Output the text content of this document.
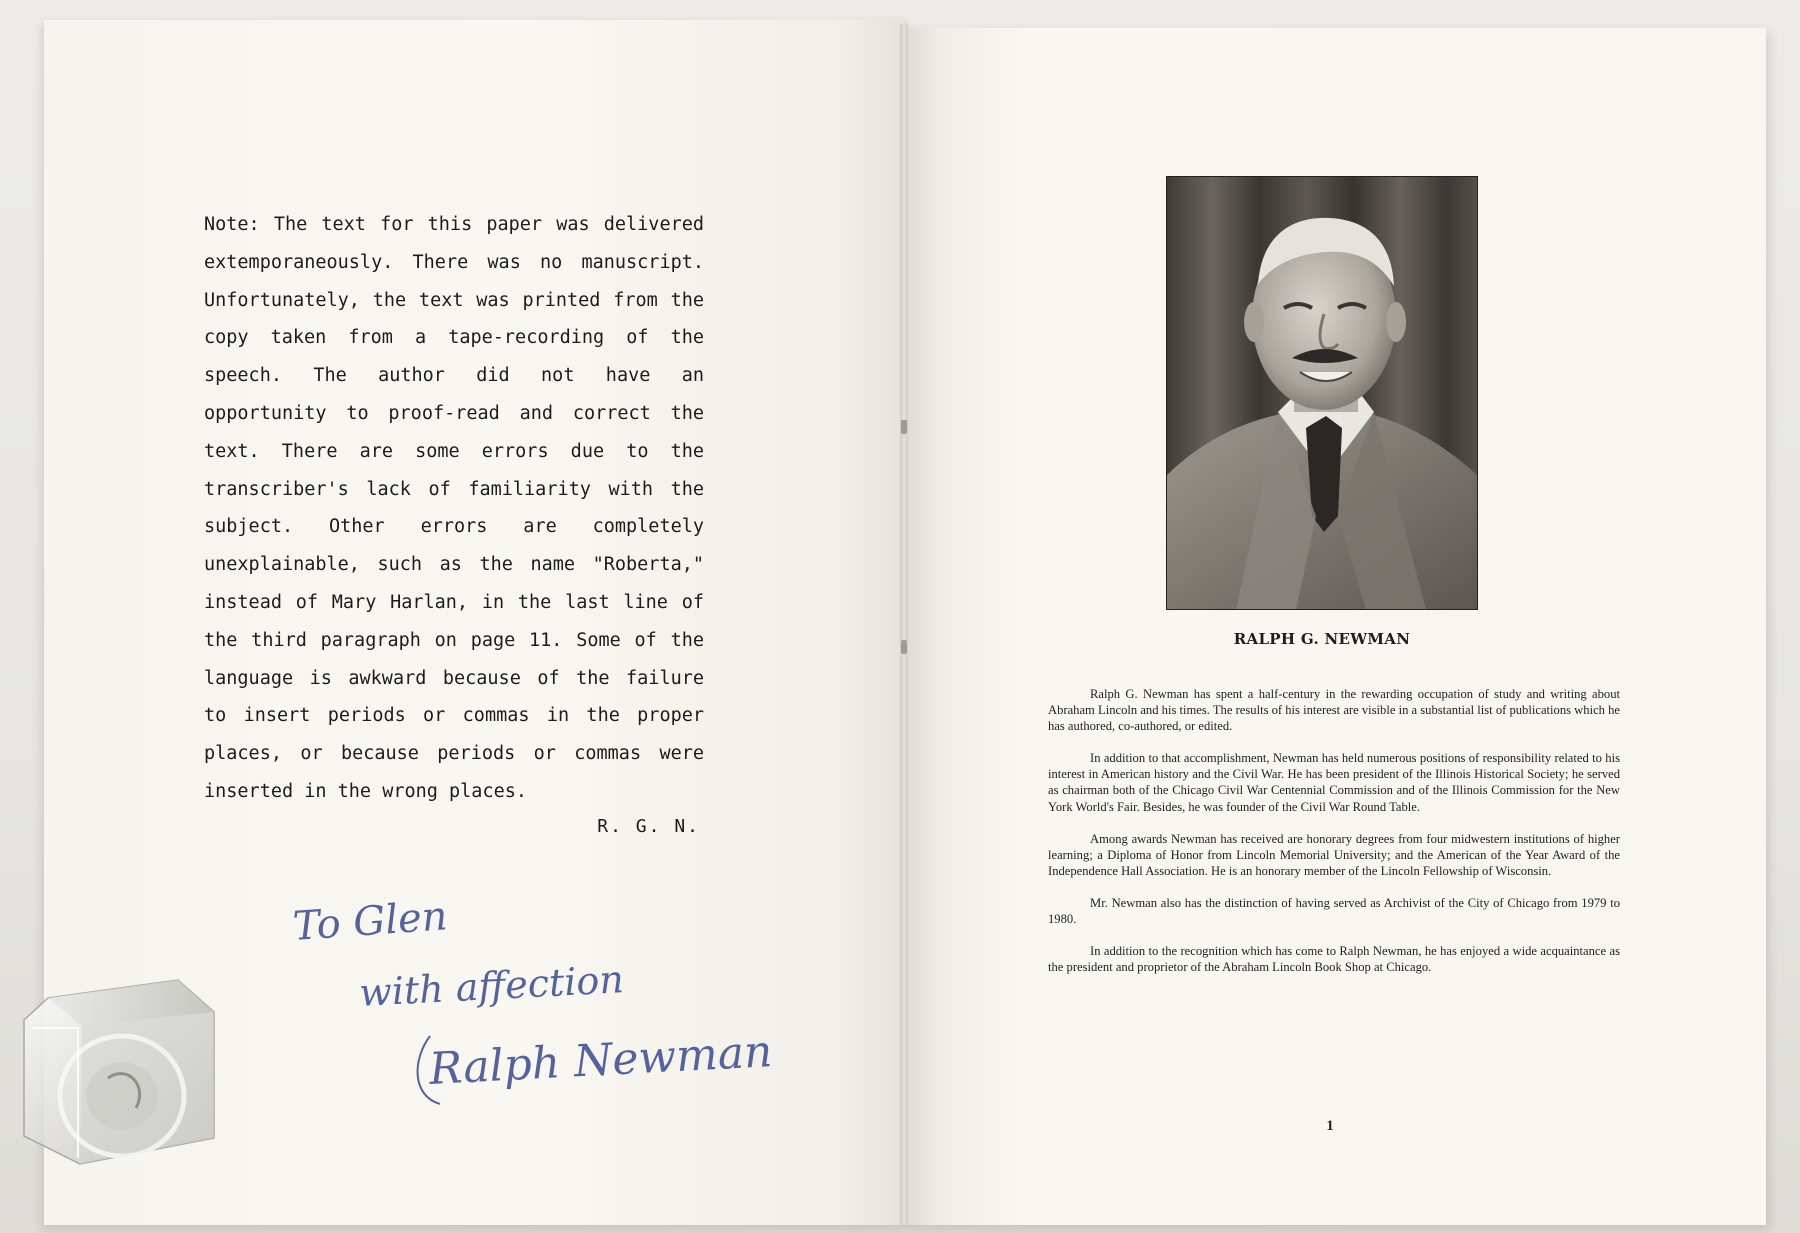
Note: The text for this paper was delivered extemporaneously. There was no manuscript. Unfortunately, the text was printed from the copy taken from a tape-recording of the speech. The author did not have an opportunity to proof-read and correct the text. There are some errors due to the transcriber's lack of familiarity with the subject. Other errors are completely unexplainable, such as the name "Roberta," instead of Mary Harlan, in the last line of the third paragraph on page 11. Some of the language is awkward because of the failure to insert periods or commas in the proper places, or because periods or commas were inserted in the wrong places.
R. G. N.
To Glen
with affection
Ralph Newman
RALPH G. NEWMAN

Ralph G. Newman has spent a half-century in the rewarding occupation of study and writing about Abraham Lincoln and his times. The results of his interest are visible in a substantial list of publications which he has authored, co-authored, or edited.

In addition to that accomplishment, Newman has held numerous positions of responsibility related to his interest in American history and the Civil War. He has been president of the Illinois Historical Society; he served as chairman both of the Chicago Civil War Centennial Commission and of the Illinois Commission for the New York World's Fair. Besides, he was founder of the Civil War Round Table.

Among awards Newman has received are honorary degrees from four midwestern institutions of higher learning; a Diploma of Honor from Lincoln Memorial University; and the American of the Year Award of the Independence Hall Association. He is an honorary member of the Lincoln Fellowship of Wisconsin.

Mr. Newman also has the distinction of having served as Archivist of the City of Chicago from 1979 to 1980.

In addition to the recognition which has come to Ralph Newman, he has enjoyed a wide acquaintance as the president and proprietor of the Abraham Lincoln Book Shop at Chicago.

1
